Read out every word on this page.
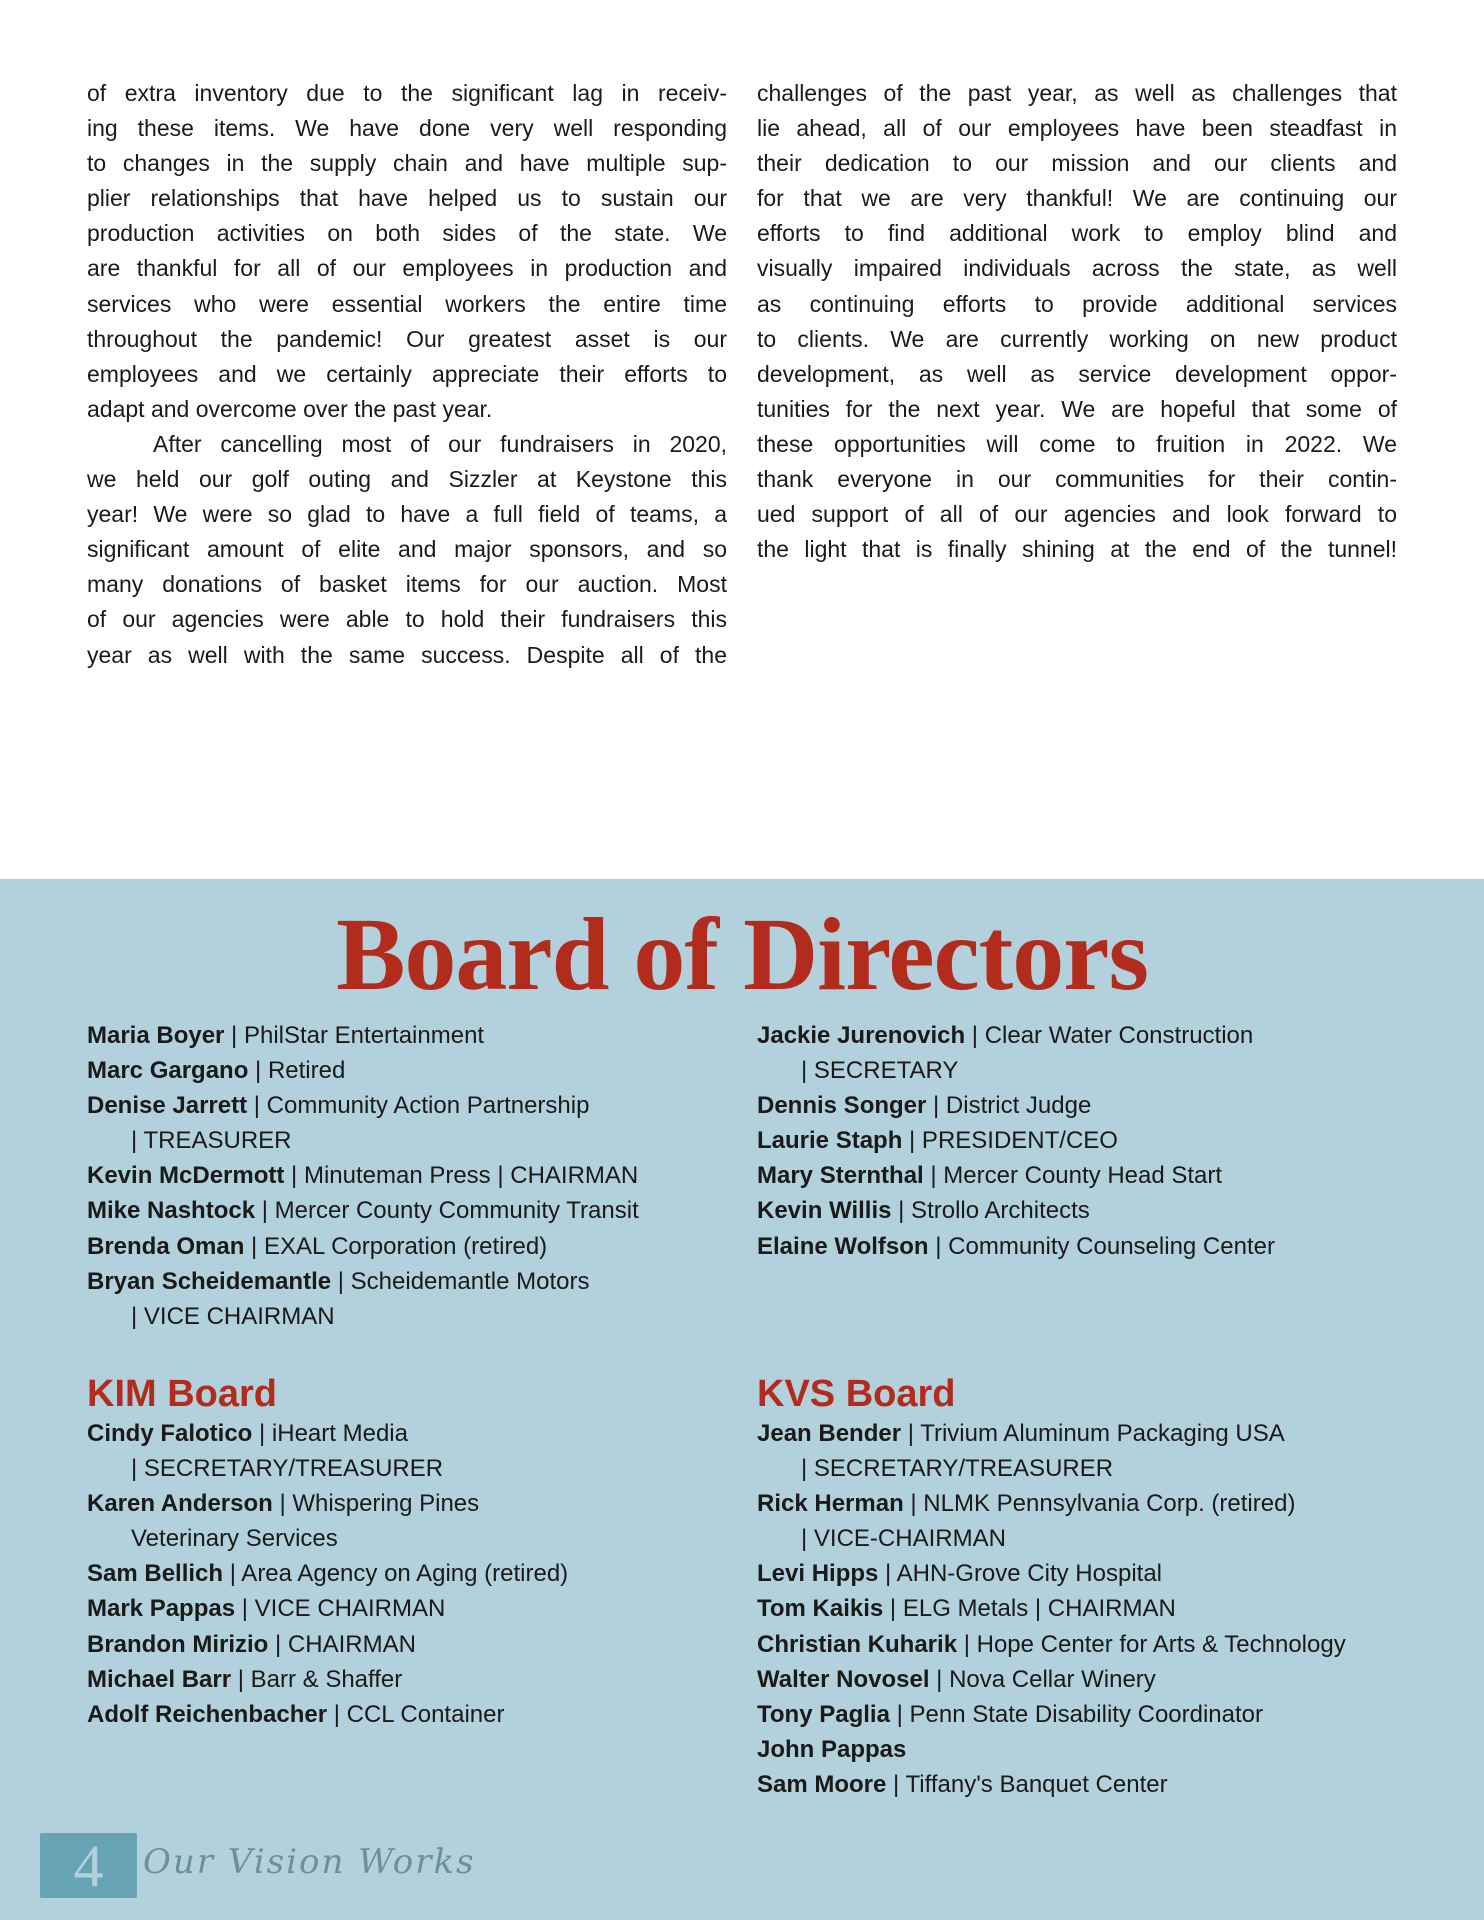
of extra inventory due to the significant lag in receiv-
ing these items. We have done very well responding
to changes in the supply chain and have multiple sup-
plier relationships that have helped us to sustain our
production activities on both sides of the state. We
are thankful for all of our employees in production and
services who were essential workers the entire time
throughout the pandemic! Our greatest asset is our
employees and we certainly appreciate their efforts to
adapt and overcome over the past year.
After cancelling most of our fundraisers in 2020,
we held our golf outing and Sizzler at Keystone this
year! We were so glad to have a full field of teams, a
significant amount of elite and major sponsors, and so
many donations of basket items for our auction. Most
of our agencies were able to hold their fundraisers this
year as well with the same success. Despite all of the
challenges of the past year, as well as challenges that
lie ahead, all of our employees have been steadfast in
their dedication to our mission and our clients and
for that we are very thankful! We are continuing our
efforts to find additional work to employ blind and
visually impaired individuals across the state, as well
as continuing efforts to provide additional services
to clients. We are currently working on new product
development, as well as service development oppor-
tunities for the next year. We are hopeful that some of
these opportunities will come to fruition in 2022. We
thank everyone in our communities for their contin-
ued support of all of our agencies and look forward to
the light that is finally shining at the end of the tunnel!
Board of Directors
Maria Boyer | PhilStar Entertainment
Marc Gargano | Retired
Denise Jarrett | Community Action Partnership
| TREASURER
Kevin McDermott | Minuteman Press | CHAIRMAN
Mike Nashtock | Mercer County Community Transit
Brenda Oman | EXAL Corporation (retired)
Bryan Scheidemantle | Scheidemantle Motors
| VICE CHAIRMAN
Jackie Jurenovich | Clear Water Construction
| SECRETARY
Dennis Songer | District Judge
Laurie Staph | PRESIDENT/CEO
Mary Sternthal | Mercer County Head Start
Kevin Willis | Strollo Architects
Elaine Wolfson | Community Counseling Center
KIM Board
Cindy Falotico | iHeart Media
| SECRETARY/TREASURER
Karen Anderson | Whispering Pines
Veterinary Services
Sam Bellich | Area Agency on Aging (retired)
Mark Pappas | VICE CHAIRMAN
Brandon Mirizio | CHAIRMAN
Michael Barr | Barr & Shaffer
Adolf Reichenbacher | CCL Container
KVS Board
Jean Bender | Trivium Aluminum Packaging USA
| SECRETARY/TREASURER
Rick Herman | NLMK Pennsylvania Corp. (retired)
| VICE-CHAIRMAN
Levi Hipps | AHN-Grove City Hospital
Tom Kaikis | ELG Metals | CHAIRMAN
Christian Kuharik | Hope Center for Arts & Technology
Walter Novosel | Nova Cellar Winery
Tony Paglia | Penn State Disability Coordinator
John Pappas
Sam Moore | Tiffany's Banquet Center
4	Our Vision Works
